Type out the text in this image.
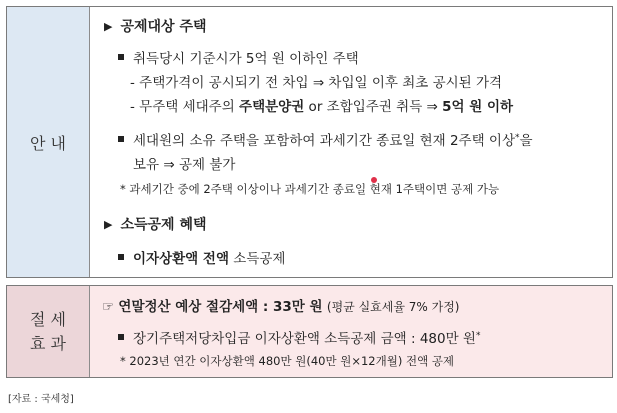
안 내
▶ 공제대상 주택
취득당시 기준시가 5억 원 이하인 주택
- 주택가격이 공시되기 전 차입 ⇒ 차입일 이후 최초 공시된 가격
- 무주택 세대주의 주택분양권 or 조합입주권 취득 ⇒ 5억 원 이하
세대원의 소유 주택을 포함하여 과세기간 종료일 현재 2주택 이상*을
보유 ⇒ 공제 불가
* 과세기간 중에 2주택 이상이나 과세기간 종료일 현재 1주택이면 공제 가능
▶ 소득공제 혜택
이자상환액 전액 소득공제
절 세
효 과
☞ 연말정산 예상 절감세액 : 33만 원 (평균 실효세율 7% 가정)
장기주택저당차입금 이자상환액 소득공제 금액 : 480만 원*
* 2023년 연간 이자상환액 480만 원(40만 원×12개월) 전액 공제
[자료 : 국세청]
